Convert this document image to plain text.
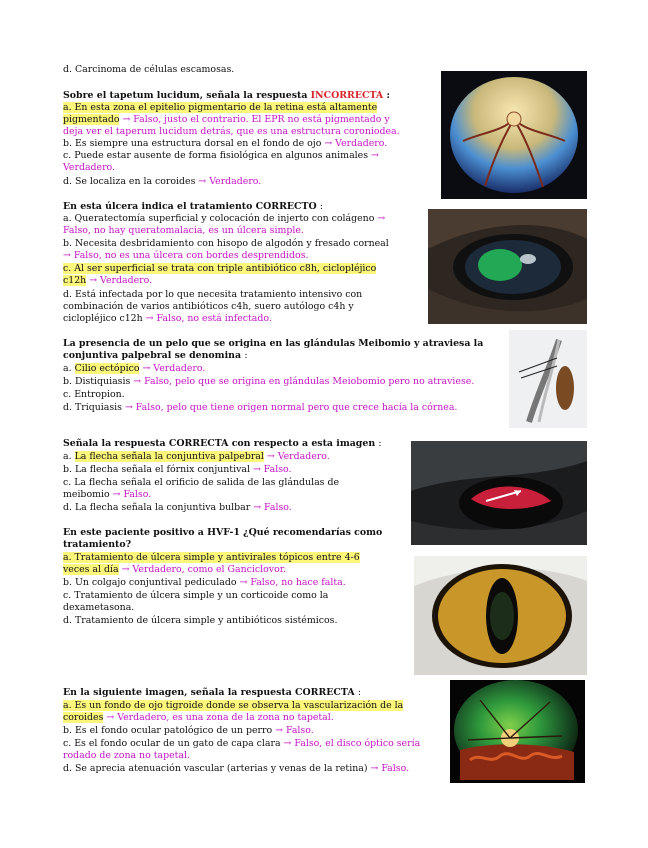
d. Carcinoma de células escamosas.
Sobre el tapetum lucidum, señala la respuesta INCORRECTA :
a. En esta zona el epitelio pigmentario de la retina está altamente
pigmentado → Falso, justo el contrario. El EPR no está pigmentado y
deja ver el taperum lucidum detrás, que es una estructura coroniodea.
b. Es siempre una estructura dorsal en el fondo de ojo → Verdadero.
c. Puede estar ausente de forma fisiológica en algunos animales →
Verdadero.
d. Se localiza en la coroides → Verdadero.
En esta úlcera indica el tratamiento CORRECTO :
a. Queratectomía superficial y colocación de injerto con colágeno →
Falso, no hay queratomalacia, es un úlcera simple.
b. Necesita desbridamiento con hisopo de algodón y fresado corneal
→ Falso, no es una úlcera con bordes desprendidos.
c. Al ser superficial se trata con triple antibiótico c8h, ciclopléjico
c12h → Verdadero.
d. Está infectada por lo que necesita tratamiento intensivo con
combinación de varios antibióticos c4h, suero autólogo c4h y
ciclopléjico c12h → Falso, no está infectado.
La presencia de un pelo que se origina en las glándulas Meibomio y atraviesa la
conjuntiva palpebral se denomina :
a. Cilio ectópico → Verdadero.
b. Distiquiasis → Falso, pelo que se origina en glándulas Meiobomio pero no atraviese.
c. Entropion.
d. Triquiasis → Falso, pelo que tiene origen normal pero que crece hacía la córnea.
Señala la respuesta CORRECTA con respecto a esta imagen :
a. La flecha señala la conjuntiva palpebral → Verdadero.
b. La flecha señala el fórnix conjuntival → Falso.
c. La flecha señala el orificio de salida de las glándulas de
meibomio → Falso.
d. La flecha señala la conjuntiva bulbar → Falso.
En este paciente positivo a HVF-1 ¿Qué recomendarías como
tratamiento?
a. Tratamiento de úlcera simple y antivirales tópicos entre 4-6
veces al día → Verdadero, como el Ganciclovor.
b. Un colgajo conjuntival pediculado → Falso, no hace falta.
c. Tratamiento de úlcera simple y un corticoide como la
dexametasona.
d. Tratamiento de úlcera simple y antibióticos sistémicos.
En la siguiente imagen, señala la respuesta CORRECTA :
a. Es un fondo de ojo tigroide donde se observa la vascularización de la
coroides → Verdadero, es una zona de la zona no tapetal.
b. Es el fondo ocular patológico de un perro → Falso.
c. Es el fondo ocular de un gato de capa clara → Falso, el disco óptico sería
rodado de zona no tapetal.
d. Se aprecia atenuación vascular (arterias y venas de la retina) → Falso.
